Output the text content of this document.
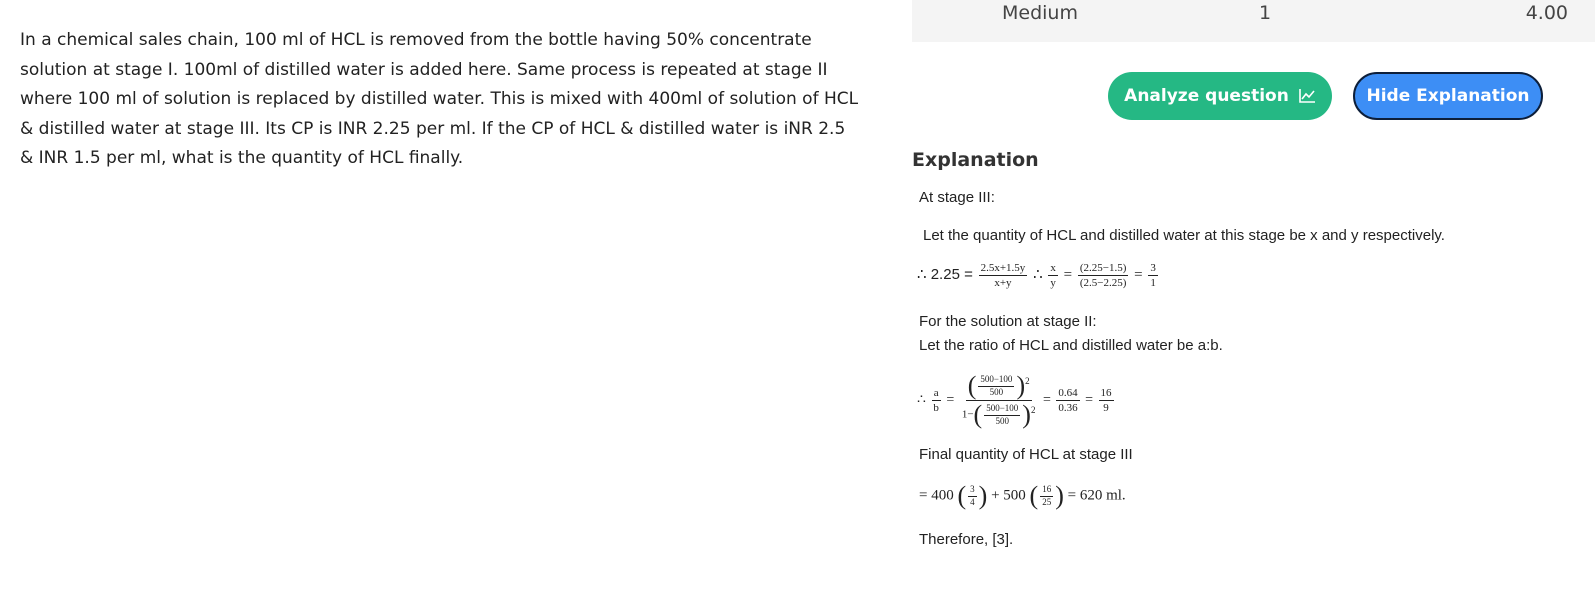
Medium	1	4.00
In a chemical sales chain, 100 ml of HCL is removed from the bottle having 50% concentrate solution at stage I. 100ml of distilled water is added here. Same process is repeated at stage II where 100 ml of solution is replaced by distilled water. This is mixed with 400ml of solution of HCL & distilled water at stage III. Its CP is INR 2.25 per ml. If the CP of HCL & distilled water is iNR 2.5 & INR 1.5 per ml, what is the quantity of HCL finally.
Analyze question	Hide Explanation
Explanation
At stage III:
Let the quantity of HCL and distilled water at this stage be x and y respectively.
∴ $2.25 = \frac{2.5x+1.5y}{x+y}$ ∴ $\frac{x}{y} = \frac{(2.25-1.5)}{(2.5-2.25)} = \frac{3}{1}$
For the solution at stage II:
Let the ratio of HCL and distilled water be a:b.
∴ $\frac{a}{b} = \frac{( \frac{500-100}{500} )^2}{1-( \frac{500-100}{500} )^2} = \frac{0.64}{0.36} = \frac{16}{9}$
Final quantity of HCL at stage III
= 400 ( $\frac{3}{4}$ ) + 500 ( $\frac{16}{25}$ ) = 620 ml.
Therefore, [3].
